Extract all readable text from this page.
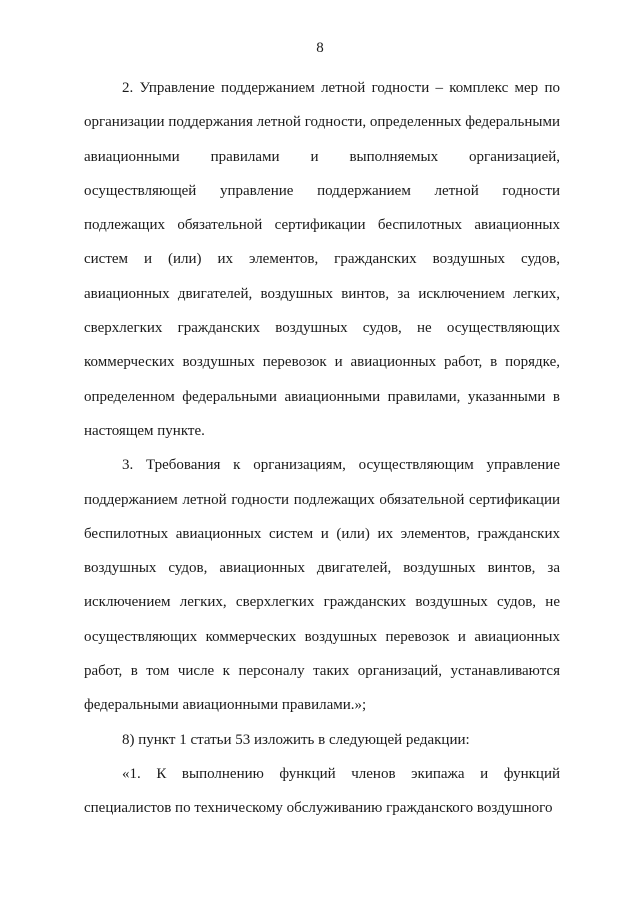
8

2. Управление поддержанием летной годности – комплекс мер по организации поддержания летной годности, определенных федеральными авиационными правилами и выполняемых организацией, осуществляющей управление поддержанием летной годности подлежащих обязательной сертификации беспилотных авиационных систем и (или) их элементов, гражданских воздушных судов, авиационных двигателей, воздушных винтов, за исключением легких, сверхлегких гражданских воздушных судов, не осуществляющих коммерческих воздушных перевозок и авиационных работ, в порядке, определенном федеральными авиационными правилами, указанными в настоящем пункте.

3. Требования к организациям, осуществляющим управление поддержанием летной годности подлежащих обязательной сертификации беспилотных авиационных систем и (или) их элементов, гражданских воздушных судов, авиационных двигателей, воздушных винтов, за исключением легких, сверхлегких гражданских воздушных судов, не осуществляющих коммерческих воздушных перевозок и авиационных работ, в том числе к персоналу таких организаций, устанавливаются федеральными авиационными правилами.»;

8) пункт 1 статьи 53 изложить в следующей редакции:

«1. К выполнению функций членов экипажа и функций специалистов по техническому обслуживанию гражданского воздушного
